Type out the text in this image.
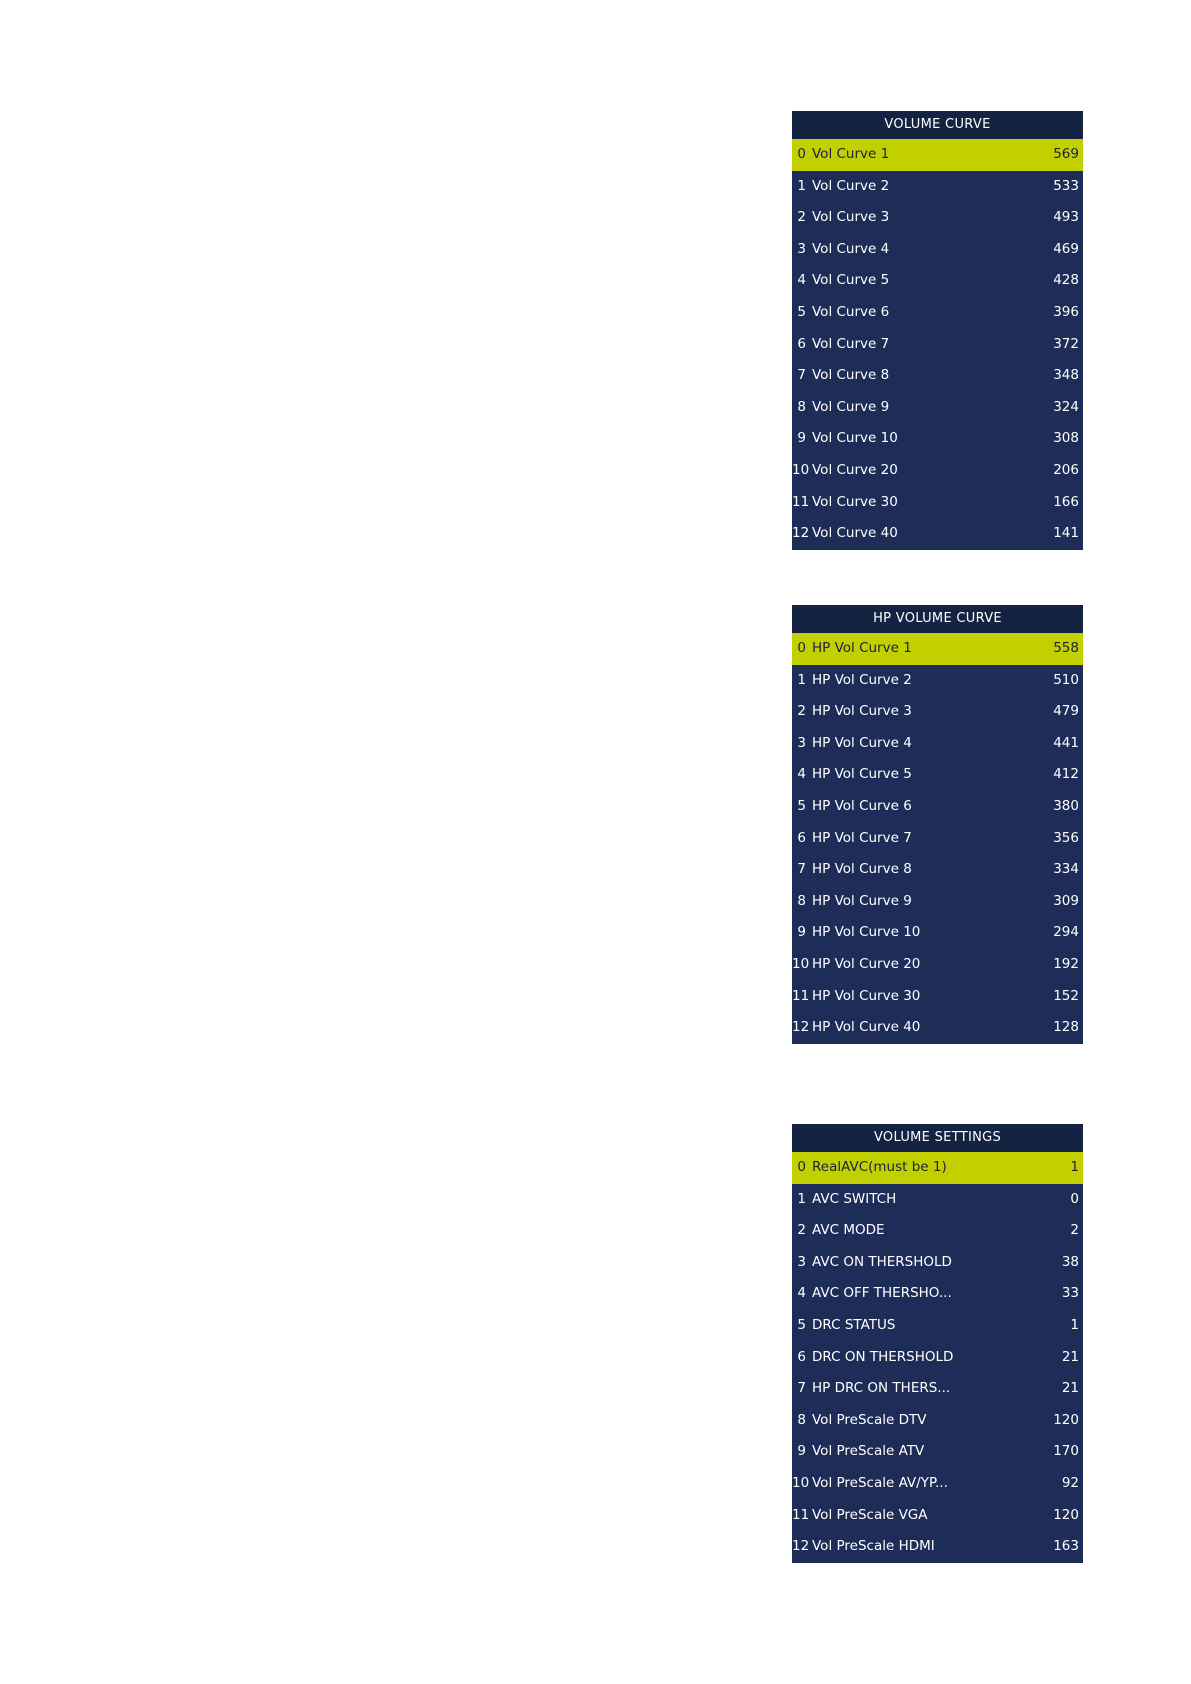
VOLUME CURVE
0 Vol Curve 1	569
1 Vol Curve 2	533
2 Vol Curve 3	493
3 Vol Curve 4	469
4 Vol Curve 5	428
5 Vol Curve 6	396
6 Vol Curve 7	372
7 Vol Curve 8	348
8 Vol Curve 9	324
9 Vol Curve 10	308
10 Vol Curve 20	206
11 Vol Curve 30	166
12 Vol Curve 40	141
HP VOLUME CURVE
0 HP Vol Curve 1	558
1 HP Vol Curve 2	510
2 HP Vol Curve 3	479
3 HP Vol Curve 4	441
4 HP Vol Curve 5	412
5 HP Vol Curve 6	380
6 HP Vol Curve 7	356
7 HP Vol Curve 8	334
8 HP Vol Curve 9	309
9 HP Vol Curve 10	294
10 HP Vol Curve 20	192
11 HP Vol Curve 30	152
12 HP Vol Curve 40	128
VOLUME SETTINGS
0 RealAVC(must be 1)	1
1 AVC SWITCH	0
2 AVC MODE	2
3 AVC ON THERSHOLD	38
4 AVC OFF THERSHO...	33
5 DRC STATUS	1
6 DRC ON THERSHOLD	21
7 HP DRC ON THERS...	21
8 Vol PreScale DTV	120
9 Vol PreScale ATV	170
10 Vol PreScale AV/YP...	92
11 Vol PreScale VGA	120
12 Vol PreScale HDMI	163
